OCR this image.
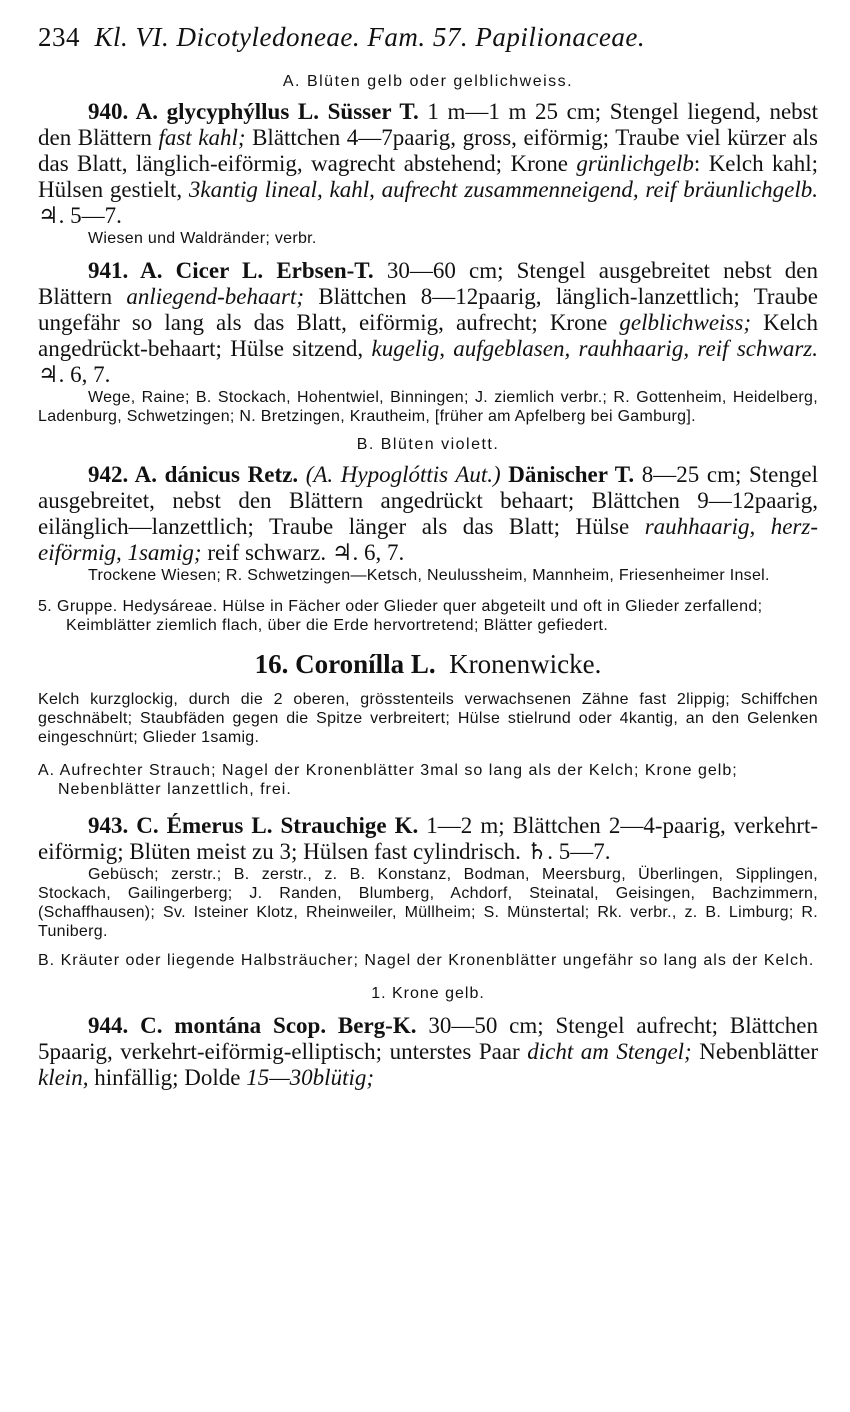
234 Kl. VI. Dicotyledoneae. Fam. 57. Papilionaceae.
A. Blüten gelb oder gelblichweiss.

940. A. glycyphýllus L. Süsser T. 1 m—1 m 25 cm; Stengel liegend, nebst den Blättern fast kahl; Blättchen 4—7paarig, gross, eiförmig; Traube viel kürzer als das Blatt, länglich-eiförmig, wagrecht abstehend; Krone grünlichgelb: Kelch kahl; Hülsen gestielt, 3kantig lineal, kahl, aufrecht zusammenneigend, reif bräunlichgelb. ♃. 5—7.

Wiesen und Waldränder; verbr.

941. A. Cicer L. Erbsen-T. 30—60 cm; Stengel ausgebreitet nebst den Blättern anliegend-behaart; Blättchen 8—12paarig, länglich-lanzettlich; Traube ungefähr so lang als das Blatt, eiförmig, aufrecht; Krone gelblichweiss; Kelch angedrückt-behaart; Hülse sitzend, kugelig, aufgeblasen, rauhhaarig, reif schwarz. ♃. 6, 7.

Wege, Raine; B. Stockach, Hohentwiel, Binningen; J. ziemlich verbr.; R. Gottenheim, Heidelberg, Ladenburg, Schwetzingen; N. Bretzingen, Krautheim, [früher am Apfelberg bei Gamburg].

B. Blüten violett.

942. A. dánicus Retz. (A. Hypoglóttis Aut.) Dänischer T. 8—25 cm; Stengel ausgebreitet, nebst den Blättern angedrückt behaart; Blättchen 9—12paarig, eilänglich—lanzettlich; Traube länger als das Blatt; Hülse rauhhaarig, herz-eiförmig, 1samig; reif schwarz. ♃. 6, 7.

Trockene Wiesen; R. Schwetzingen—Ketsch, Neulussheim, Mannheim, Friesenheimer Insel.

5. Gruppe. Hedysáreae. Hülse in Fächer oder Glieder quer abgeteilt und oft in Glieder zerfallend; Keimblätter ziemlich flach, über die Erde hervortretend; Blätter gefiedert.

16. Coronílla L. Kronenwicke.

Kelch kurzglockig, durch die 2 oberen, grösstenteils verwachsenen Zähne fast 2lippig; Schiffchen geschnäbelt; Staubfäden gegen die Spitze verbreitert; Hülse stielrund oder 4kantig, an den Gelenken eingeschnürt; Glieder 1samig.

A. Aufrechter Strauch; Nagel der Kronenblätter 3mal so lang als der Kelch; Krone gelb; Nebenblätter lanzettlich, frei.

943. C. Émerus L. Strauchige K. 1—2 m; Blättchen 2—4-paarig, verkehrt-eiförmig; Blüten meist zu 3; Hülsen fast cylindrisch. ♄. 5—7.

Gebüsch; zerstr.; B. zerstr., z. B. Konstanz, Bodman, Meersburg, Überlingen, Sipplingen, Stockach, Gailingerberg; J. Randen, Blumberg, Achdorf, Steinatal, Geisingen, Bachzimmern, (Schaffhausen); Sv. Isteiner Klotz, Rheinweiler, Müllheim; S. Münstertal; Rk. verbr., z. B. Limburg; R. Tuniberg.

B. Kräuter oder liegende Halbsträucher; Nagel der Kronenblätter ungefähr so lang als der Kelch.

1. Krone gelb.

944. C. montána Scop. Berg-K. 30—50 cm; Stengel aufrecht; Blättchen 5paarig, verkehrt-eiförmig-elliptisch; unterstes Paar dicht am Stengel; Nebenblätter klein, hinfällig; Dolde 15—30blütig;
